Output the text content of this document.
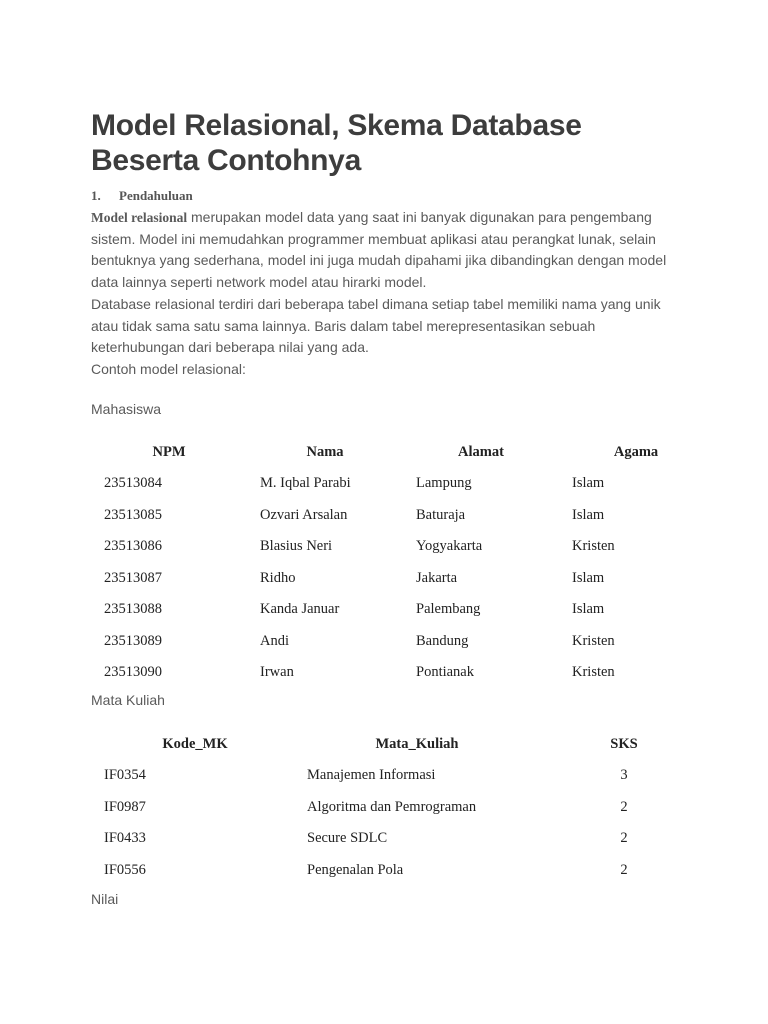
Model Relasional, Skema Database Beserta Contohnya
1. Pendahuluan

Model relasional merupakan model data yang saat ini banyak digunakan para pengembang sistem. Model ini memudahkan programmer membuat aplikasi atau perangkat lunak, selain bentuknya yang sederhana, model ini juga mudah dipahami jika dibandingkan dengan model data lainnya seperti network model atau hirarki model.

Database relasional terdiri dari beberapa tabel dimana setiap tabel memiliki nama yang unik atau tidak sama satu sama lainnya. Baris dalam tabel merepresentasikan sebuah keterhubungan dari beberapa nilai yang ada.

Contoh model relasional:

Mahasiswa
NPM	Nama	Alamat	Agama
23513084	M. Iqbal Parabi	Lampung	Islam
23513085	Ozvari Arsalan	Baturaja	Islam
23513086	Blasius Neri	Yogyakarta	Kristen
23513087	Ridho	Jakarta	Islam
23513088	Kanda Januar	Palembang	Islam
23513089	Andi	Bandung	Kristen
23513090	Irwan	Pontianak	Kristen
Mata Kuliah
Kode_MK	Mata_Kuliah	SKS
IF0354	Manajemen Informasi	3
IF0987	Algoritma dan Pemrograman	2
IF0433	Secure SDLC	2
IF0556	Pengenalan Pola	2
Nilai
